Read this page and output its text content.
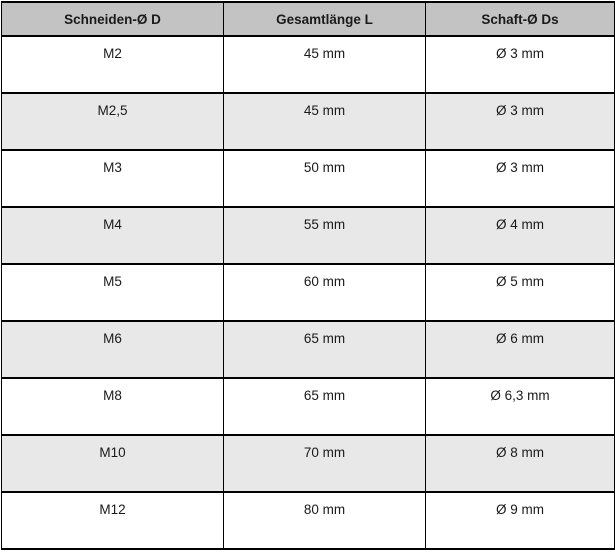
Schneiden-Ø D	Gesamtlänge L	Schaft-Ø Ds
M2	45 mm	Ø 3 mm
M2,5	45 mm	Ø 3 mm
M3	50 mm	Ø 3 mm
M4	55 mm	Ø 4 mm
M5	60 mm	Ø 5 mm
M6	65 mm	Ø 6 mm
M8	65 mm	Ø 6,3 mm
M10	70 mm	Ø 8 mm
M12	80 mm	Ø 9 mm
